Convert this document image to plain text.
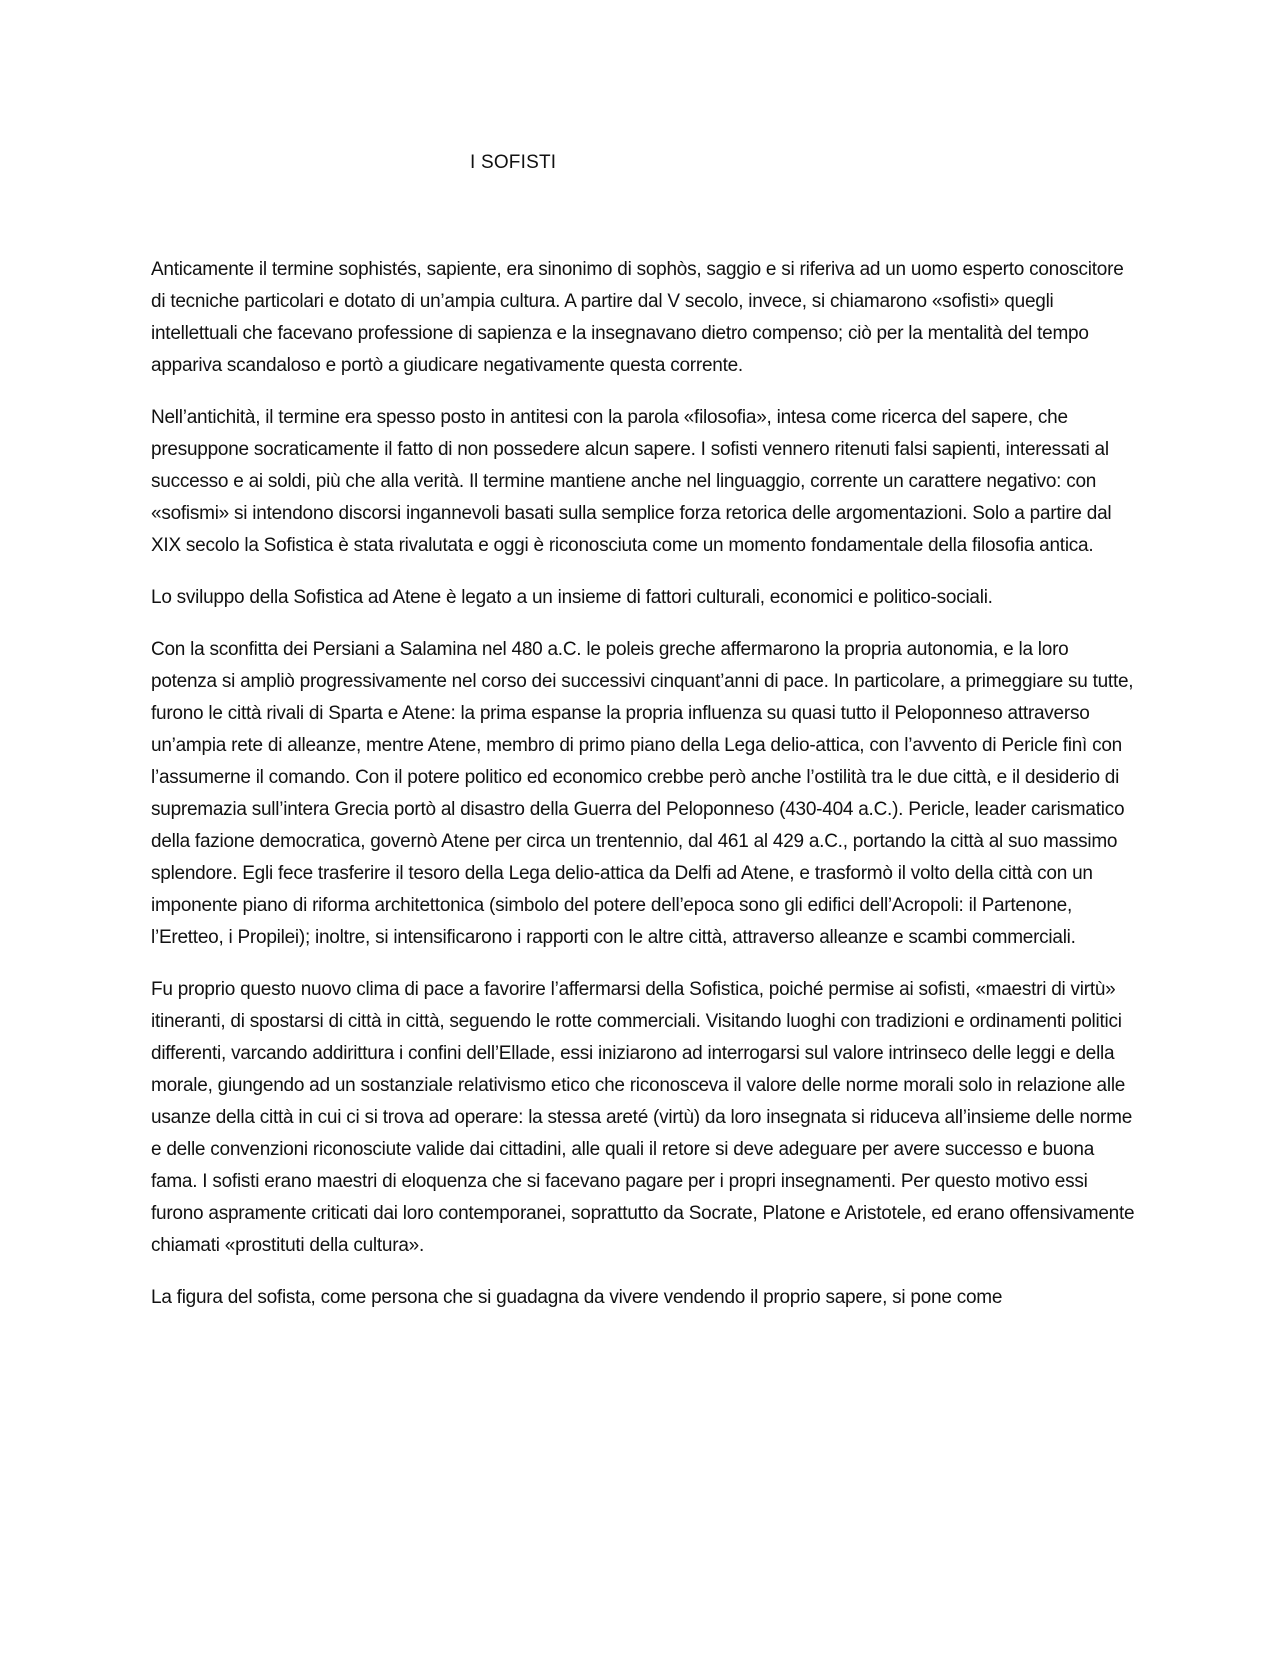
I SOFISTI

Anticamente il termine sophistés, sapiente, era sinonimo di sophòs, saggio e si riferiva ad un uomo esperto conoscitore di tecniche particolari e dotato di un’ampia cultura. A partire dal V secolo, invece, si chiamarono «sofisti» quegli intellettuali che facevano professione di sapienza e la insegnavano dietro compenso; ciò per la mentalità del tempo appariva scandaloso e portò a giudicare negativamente questa corrente.

Nell’antichità, il termine era spesso posto in antitesi con la parola «filosofia», intesa come ricerca del sapere, che presuppone socraticamente il fatto di non possedere alcun sapere. I sofisti vennero ritenuti falsi sapienti, interessati al successo e ai soldi, più che alla verità. Il termine mantiene anche nel linguaggio, corrente un carattere negativo: con «sofismi» si intendono discorsi ingannevoli basati sulla semplice forza retorica delle argomentazioni. Solo a partire dal XIX secolo la Sofistica è stata rivalutata e oggi è riconosciuta come un momento fondamentale della filosofia antica.

Lo sviluppo della Sofistica ad Atene è legato a un insieme di fattori culturali, economici e politico-sociali.

Con la sconfitta dei Persiani a Salamina nel 480 a.C. le poleis greche affermarono la propria autonomia, e la loro potenza si ampliò progressivamente nel corso dei successivi cinquant’anni di pace. In particolare, a primeggiare su tutte, furono le città rivali di Sparta e Atene: la prima espanse la propria influenza su quasi tutto il Peloponneso attraverso un’ampia rete di alleanze, mentre Atene, membro di primo piano della Lega delio-attica, con l’avvento di Pericle finì con l’assumerne il comando. Con il potere politico ed economico crebbe però anche l’ostilità tra le due città, e il desiderio di supremazia sull’intera Grecia portò al disastro della Guerra del Peloponneso (430-404 a.C.). Pericle, leader carismatico della fazione democratica, governò Atene per circa un trentennio, dal 461 al 429 a.C., portando la città al suo massimo splendore. Egli fece trasferire il tesoro della Lega delio-attica da Delfi ad Atene, e trasformò il volto della città con un imponente piano di riforma architettonica (simbolo del potere dell’epoca sono gli edifici dell’Acropoli: il Partenone, l’Eretteo, i Propilei); inoltre, si intensificarono i rapporti con le altre città, attraverso alleanze e scambi commerciali.

Fu proprio questo nuovo clima di pace a favorire l’affermarsi della Sofistica, poiché permise ai sofisti, «maestri di virtù» itineranti, di spostarsi di città in città, seguendo le rotte commerciali. Visitando luoghi con tradizioni e ordinamenti politici differenti, varcando addirittura i confini dell’Ellade, essi iniziarono ad interrogarsi sul valore intrinseco delle leggi e della morale, giungendo ad un sostanziale relativismo etico che riconosceva il valore delle norme morali solo in relazione alle usanze della città in cui ci si trova ad operare: la stessa areté (virtù) da loro insegnata si riduceva all’insieme delle norme e delle convenzioni riconosciute valide dai cittadini, alle quali il retore si deve adeguare per avere successo e buona fama. I sofisti erano maestri di eloquenza che si facevano pagare per i propri insegnamenti. Per questo motivo essi furono aspramente criticati dai loro contemporanei, soprattutto da Socrate, Platone e Aristotele, ed erano offensivamente chiamati «prostituti della cultura».

La figura del sofista, come persona che si guadagna da vivere vendendo il proprio sapere, si pone come
